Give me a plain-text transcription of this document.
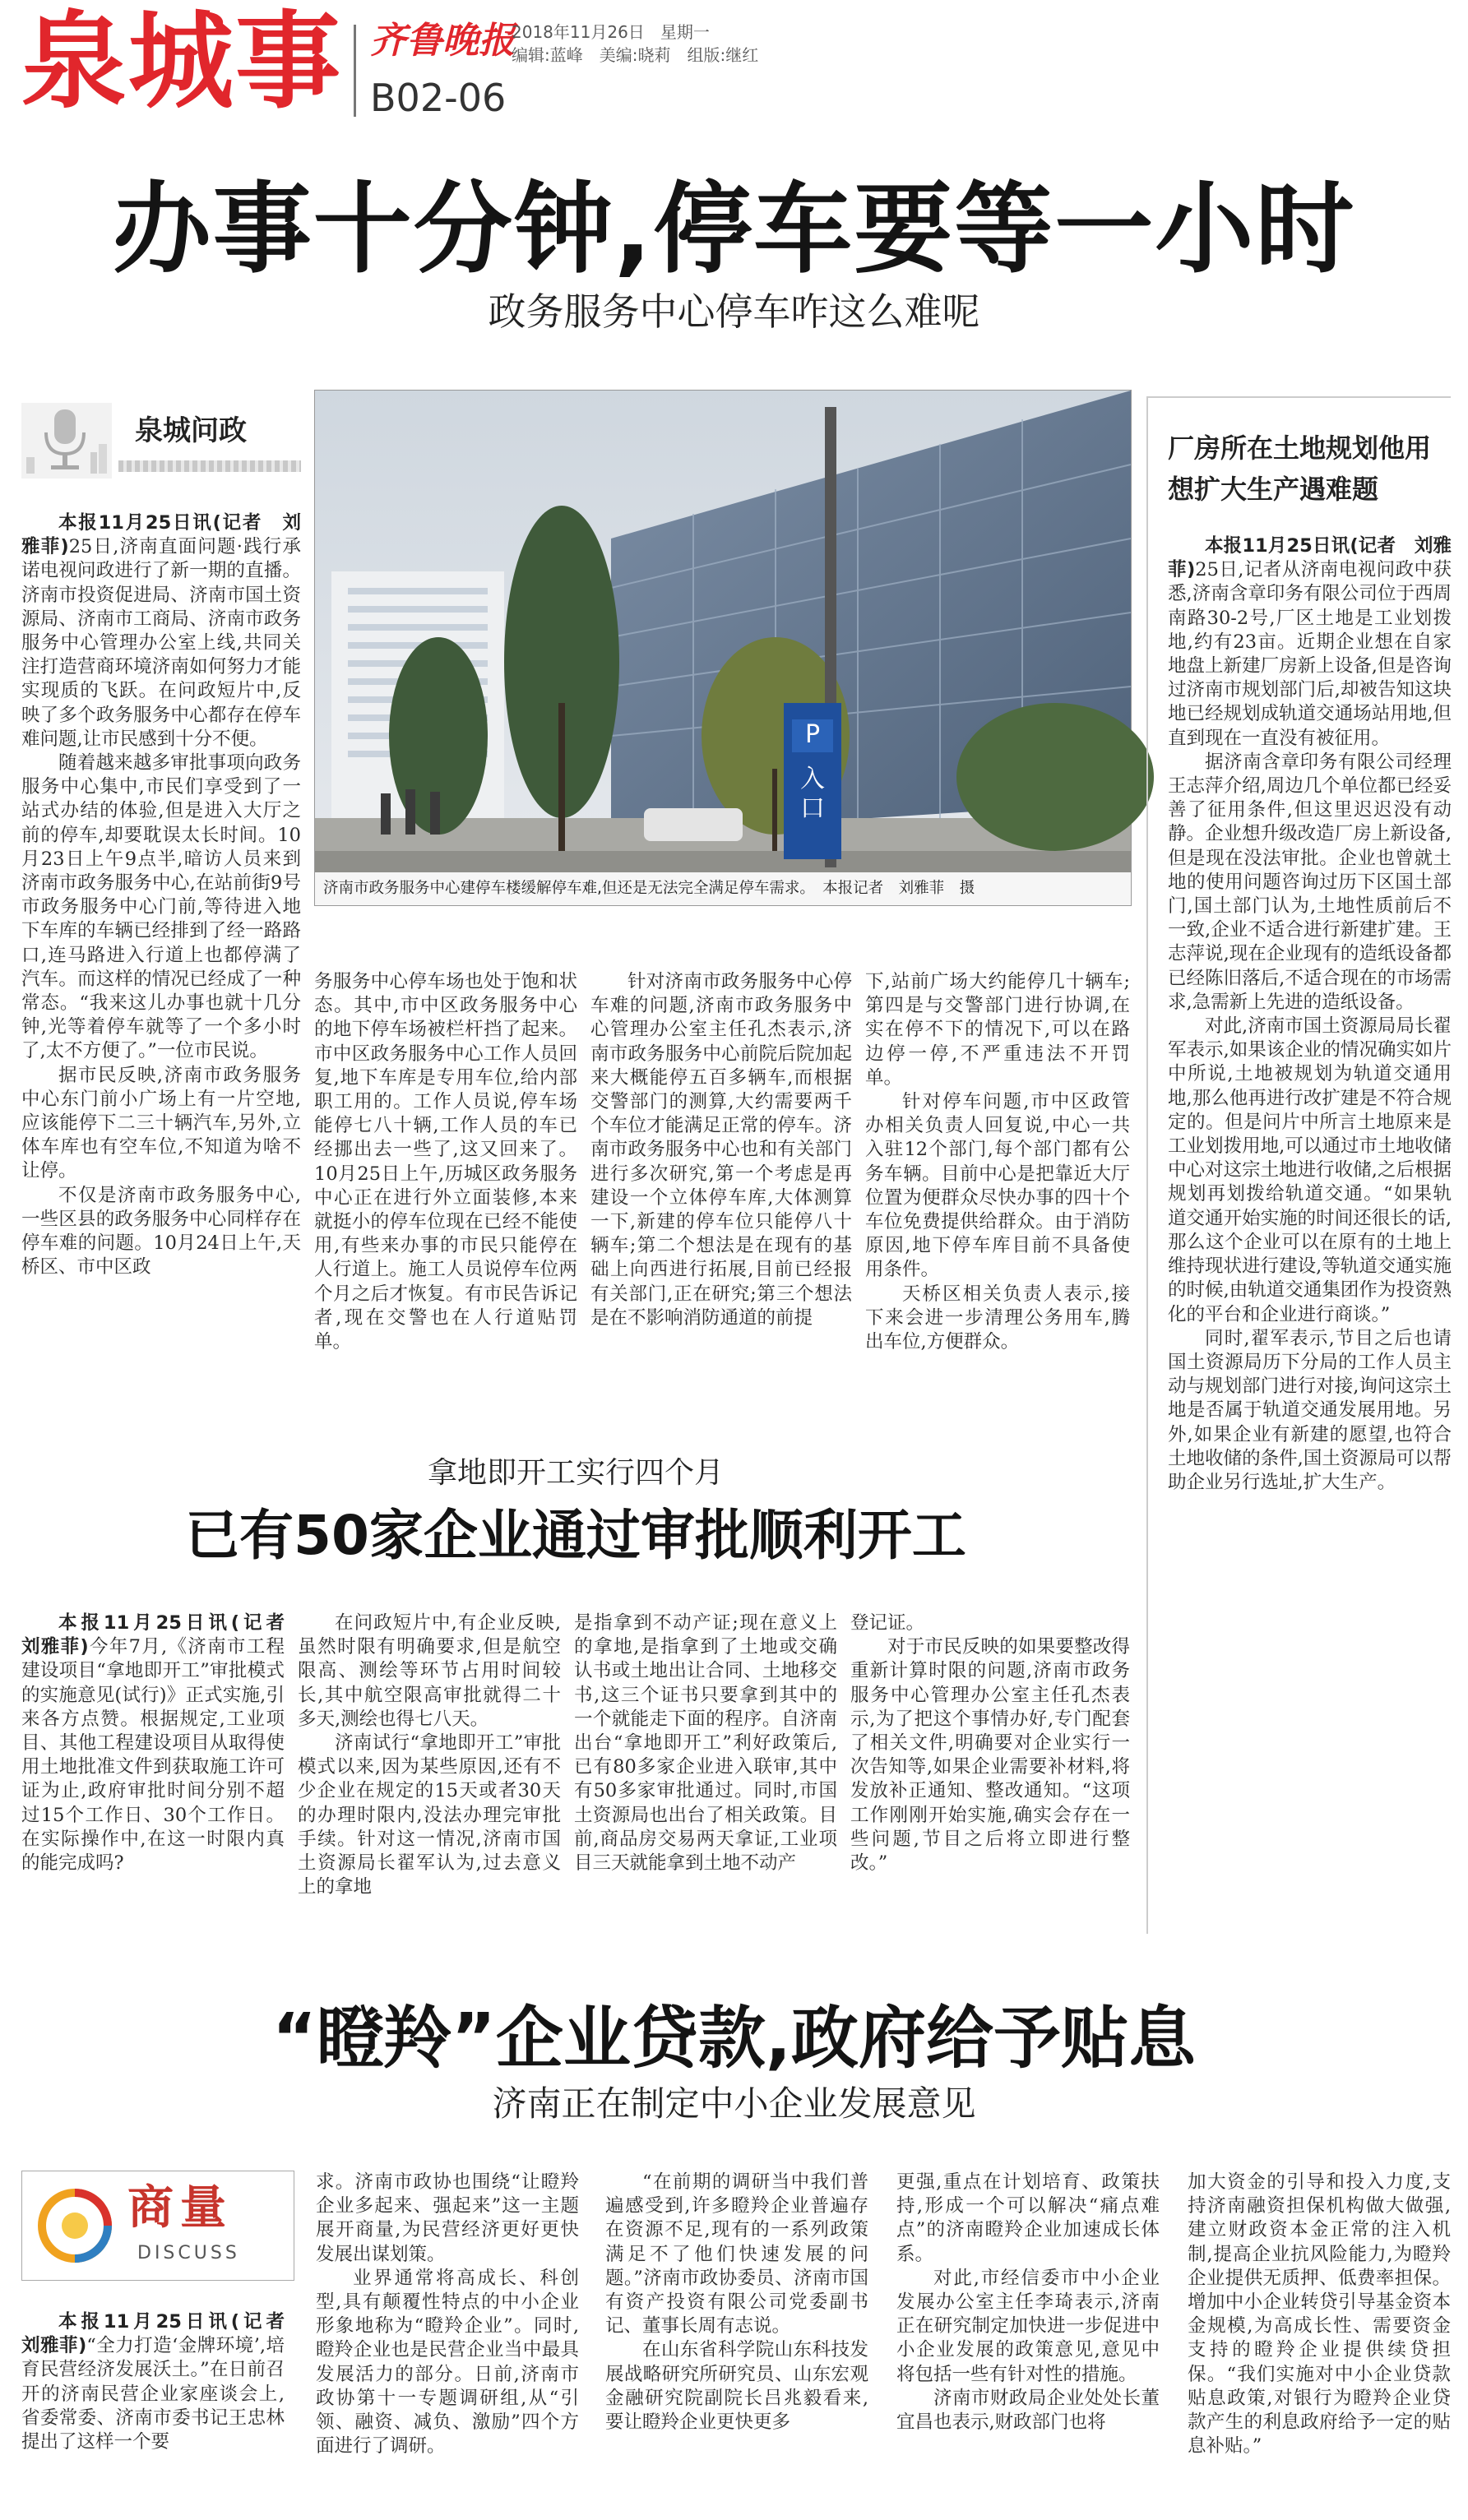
泉城事 齐鲁晚报
2018年11月26日 星期一
编辑:蓝峰　美编:晓莉　组版:继红
B02-06
办事十分钟,停车要等一小时
政务服务中心停车咋这么难呢
泉城问政
P
入口
济南市政务服务中心建停车楼缓解停车难,但还是无法完全满足停车需求。　本报记者　刘雅菲　摄

本报11月25日讯(记者　刘雅菲)25日,济南直面问题·践行承诺电视问政进行了新一期的直播。济南市投资促进局、济南市国土资源局、济南市工商局、济南市政务服务中心管理办公室上线,共同关注打造营商环境济南如何努力才能实现质的飞跃。在问政短片中,反映了多个政务服务中心都存在停车难问题,让市民感到十分不便。

随着越来越多审批事项向政务服务中心集中,市民们享受到了一站式办结的体验,但是进入大厅之前的停车,却要耽误太长时间。10月23日上午9点半,暗访人员来到济南市政务服务中心,在站前街9号市政务服务中心门前,等待进入地下车库的车辆已经排到了经一路路口,连马路进入行道上也都停满了汽车。而这样的情况已经成了一种常态。“我来这儿办事也就十几分钟,光等着停车就等了一个多小时了,太不方便了。”一位市民说。

据市民反映,济南市政务服务中心东门前小广场上有一片空地,应该能停下二三十辆汽车,另外,立体车库也有空车位,不知道为啥不让停。

不仅是济南市政务服务中心,一些区县的政务服务中心同样存在停车难的问题。10月24日上午,天桥区、市中区政

务服务中心停车场也处于饱和状态。其中,市中区政务服务中心的地下停车场被栏杆挡了起来。市中区政务服务中心工作人员回复,地下车库是专用车位,给内部职工用的。工作人员说,停车场能停七八十辆,工作人员的车已经挪出去一些了,这又回来了。10月25日上午,历城区政务服务中心正在进行外立面装修,本来就挺小的停车位现在已经不能使用,有些来办事的市民只能停在人行道上。施工人员说停车位两个月之后才恢复。有市民告诉记者,现在交警也在人行道贴罚单。

针对济南市政务服务中心停车难的问题,济南市政务服务中心管理办公室主任孔杰表示,济南市政务服务中心前院后院加起来大概能停五百多辆车,而根据交警部门的测算,大约需要两千个车位才能满足正常的停车。济南市政务服务中心也和有关部门进行多次研究,第一个考虑是再建设一个立体停车库,大体测算一下,新建的停车位只能停八十辆车;第二个想法是在现有的基础上向西进行拓展,目前已经报有关部门,正在研究;第三个想法是在不影响消防通道的前提

下,站前广场大约能停几十辆车;第四是与交警部门进行协调,在实在停不下的情况下,可以在路边停一停,不严重违法不开罚单。

针对停车问题,市中区政管办相关负责人回复说,中心一共入驻12个部门,每个部门都有公务车辆。目前中心是把靠近大厅位置为便群众尽快办事的四十个车位免费提供给群众。由于消防原因,地下停车库目前不具备使用条件。

天桥区相关负责人表示,接下来会进一步清理公务用车,腾出车位,方便群众。

厂房所在土地规划他用想扩大生产遇难题

本报11月25日讯(记者　刘雅菲)25日,记者从济南电视问政中获悉,济南含章印务有限公司位于西周南路30-2号,厂区土地是工业划拨地,约有23亩。近期企业想在自家地盘上新建厂房新上设备,但是咨询过济南市规划部门后,却被告知这块地已经规划成轨道交通场站用地,但直到现在一直没有被征用。

据济南含章印务有限公司经理王志萍介绍,周边几个单位都已经妥善了征用条件,但这里迟迟没有动静。企业想升级改造厂房上新设备,但是现在没法审批。企业也曾就土地的使用问题咨询过历下区国土部门,国土部门认为,土地性质前后不一致,企业不适合进行新建扩建。王志萍说,现在企业现有的造纸设备都已经陈旧落后,不适合现在的市场需求,急需新上先进的造纸设备。

对此,济南市国土资源局局长翟军表示,如果该企业的情况确实如片中所说,土地被规划为轨道交通用地,那么他再进行改扩建是不符合规定的。但是问片中所言土地原来是工业划拨用地,可以通过市土地收储中心对这宗土地进行收储,之后根据规划再划拨给轨道交通。“如果轨道交通开始实施的时间还很长的话,那么这个企业可以在原有的土地上维持现状进行建设,等轨道交通实施的时候,由轨道交通集团作为投资熟化的平台和企业进行商谈。”

同时,翟军表示,节目之后也请国土资源局历下分局的工作人员主动与规划部门进行对接,询问这宗土地是否属于轨道交通发展用地。另外,如果企业有新建的愿望,也符合土地收储的条件,国土资源局可以帮助企业另行选址,扩大生产。

拿地即开工实行四个月
已有50家企业通过审批顺利开工

本报11月25日讯(记者　刘雅菲)今年7月,《济南市工程建设项目“拿地即开工”审批模式的实施意见(试行)》正式实施,引来各方点赞。根据规定,工业项目、其他工程建设项目从取得使用土地批准文件到获取施工许可证为止,政府审批时间分别不超过15个工作日、30个工作日。在实际操作中,在这一时限内真的能完成吗?

在问政短片中,有企业反映,虽然时限有明确要求,但是航空限高、测绘等环节占用时间较长,其中航空限高审批就得二十多天,测绘也得七八天。

济南试行“拿地即开工”审批模式以来,因为某些原因,还有不少企业在规定的15天或者30天的办理时限内,没法办理完审批手续。针对这一情况,济南市国土资源局长翟军认为,过去意义上的拿地

是指拿到不动产证;现在意义上的拿地,是指拿到了土地或交确认书或土地出让合同、土地移交书,这三个证书只要拿到其中的一个就能走下面的程序。自济南出台“拿地即开工”利好政策后,已有80多家企业进入联审,其中有50多家审批通过。同时,市国土资源局也出台了相关政策。目前,商品房交易两天拿证,工业项目三天就能拿到土地不动产

登记证。

对于市民反映的如果要整改得重新计算时限的问题,济南市政务服务中心管理办公室主任孔杰表示,为了把这个事情办好,专门配套了相关文件,明确要对企业实行一次告知等,如果企业需要补材料,将发放补正通知、整改通知。“这项工作刚刚开始实施,确实会存在一些问题,节目之后将立即进行整改。”

“瞪羚”企业贷款,政府给予贴息
济南正在制定中小企业发展意见
商量
DISCUSS

本报11月25日讯(记者　刘雅菲)“全力打造‘金牌环境’,培育民营经济发展沃土。”在日前召开的济南民营企业家座谈会上,省委常委、济南市委书记王忠林提出了这样一个要

求。济南市政协也围绕“让瞪羚企业多起来、强起来”这一主题展开商量,为民营经济更好更快发展出谋划策。

业界通常将高成长、科创型,具有颠覆性特点的中小企业形象地称为“瞪羚企业”。同时,瞪羚企业也是民营企业当中最具发展活力的部分。日前,济南市政协第十一专题调研组,从“引领、融资、减负、激励”四个方面进行了调研。

“在前期的调研当中我们普遍感受到,许多瞪羚企业普遍存在资源不足,现有的一系列政策满足不了他们快速发展的问题。”济南市政协委员、济南市国有资产投资有限公司党委副书记、董事长周有志说。

在山东省科学院山东科技发展战略研究所研究员、山东宏观金融研究院副院长吕兆毅看来,要让瞪羚企业更快更多

更强,重点在计划培育、政策扶持,形成一个可以解决“痛点难点”的济南瞪羚企业加速成长体系。

对此,市经信委市中小企业发展办公室主任李琦表示,济南正在研究制定加快进一步促进中小企业发展的政策意见,意见中将包括一些有针对性的措施。

济南市财政局企业处处长董宜昌也表示,财政部门也将

加大资金的引导和投入力度,支持济南融资担保机构做大做强,建立财政资本金正常的注入机制,提高企业抗风险能力,为瞪羚企业提供无质押、低费率担保。增加中小企业转贷引导基金资本金规模,为高成长性、需要资金支持的瞪羚企业提供续贷担保。“我们实施对中小企业贷款贴息政策,对银行为瞪羚企业贷款产生的利息政府给予一定的贴息补贴。”
